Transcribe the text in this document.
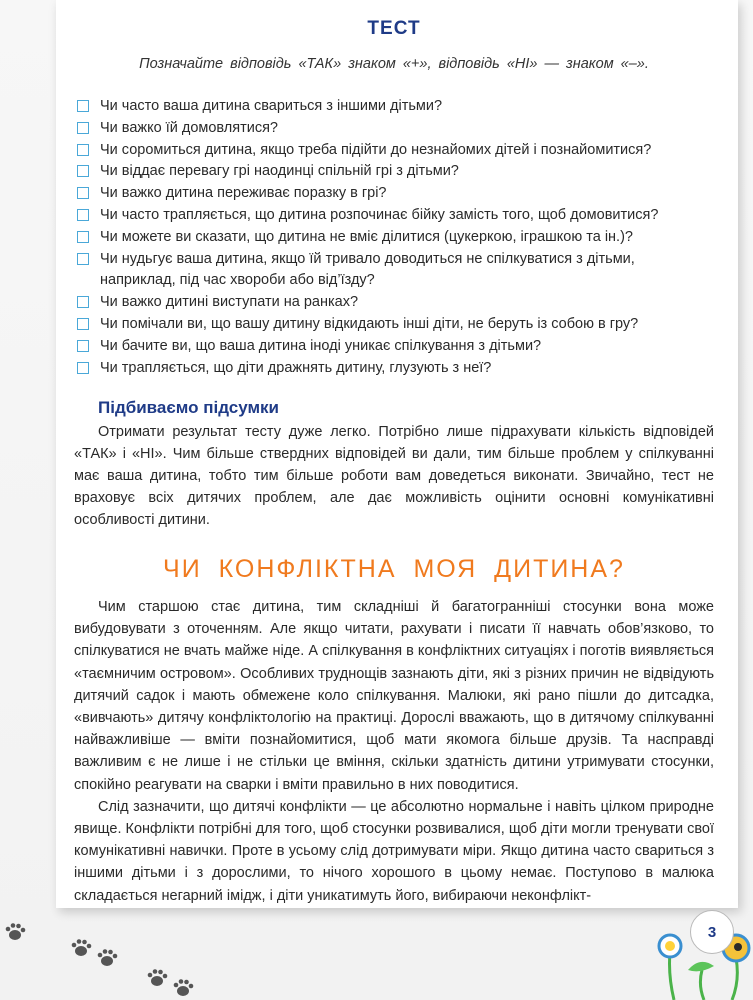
ТЕСТ
Позначайте відповідь «ТАК» знаком «+», відповідь «НІ» — знаком «–».
Чи часто ваша дитина свариться з іншими дітьми?
Чи важко їй домовлятися?
Чи соромиться дитина, якщо треба підійти до незнайомих дітей і познайомитися?
Чи віддає перевагу грі наодинці спільній грі з дітьми?
Чи важко дитина переживає поразку в грі?
Чи часто трапляється, що дитина розпочинає бійку замість того, щоб домовитися?
Чи можете ви сказати, що дитина не вміє ділитися (цукеркою, іграшкою та ін.)?
Чи нудьгує ваша дитина, якщо їй тривало доводиться не спілкуватися з дітьми, наприклад, під час хвороби або від’їзду?
Чи важко дитині виступати на ранках?
Чи помічали ви, що вашу дитину відкидають інші діти, не беруть із собою в гру?
Чи бачите ви, що ваша дитина іноді уникає спілкування з дітьми?
Чи трапляється, що діти дражнять дитину, глузують з неї?
Підбиваємо підсумки

Отримати результат тесту дуже легко. Потрібно лише підрахувати кількість відповідей «ТАК» і «НІ». Чим більше ствердних відповідей ви дали, тим більше проблем у спілкуванні має ваша дитина, тобто тим більше роботи вам доведеться виконати. Звичайно, тест не враховує всіх дитячих проблем, але дає можливість оцінити основні комунікативні особливості дитини.

ЧИ КОНФЛІКТНА МОЯ ДИТИНА?

Чим старшою стає дитина, тим складніші й багатогранніші стосунки вона може вибудовувати з оточенням. Але якщо читати, рахувати і писати її навчать обов’язково, то спілкуватися не вчать майже ніде. А спілкування в конфліктних ситуаціях і поготів виявляється «таємничим островом». Особливих труднощів зазнають діти, які з різних причин не відвідують дитячий садок і мають обмежене коло спілкування. Малюки, які рано пішли до дитсадка, «вивчають» дитячу конфліктологію на практиці. Дорослі вважають, що в дитячому спілкуванні найважливіше — вміти познайомитися, щоб мати якомога більше друзів. Та насправді важливим є не лише і не стільки це вміння, скільки здатність дитини утримувати стосунки, спокійно реагувати на сварки і вміти правильно в них поводитися.

Слід зазначити, що дитячі конфлікти — це абсолютно нормальне і навіть цілком природне явище. Конфлікти потрібні для того, щоб стосунки розвивалися, щоб діти могли тренувати свої комунікативні навички. Проте в усьому слід дотримувати міри. Якщо дитина часто свариться з іншими дітьми і з дорослими, то нічого хорошого в цьому немає. Поступово в малюка складається негарний імідж, і діти уникатимуть його, вибираючи неконфлікт-

3
